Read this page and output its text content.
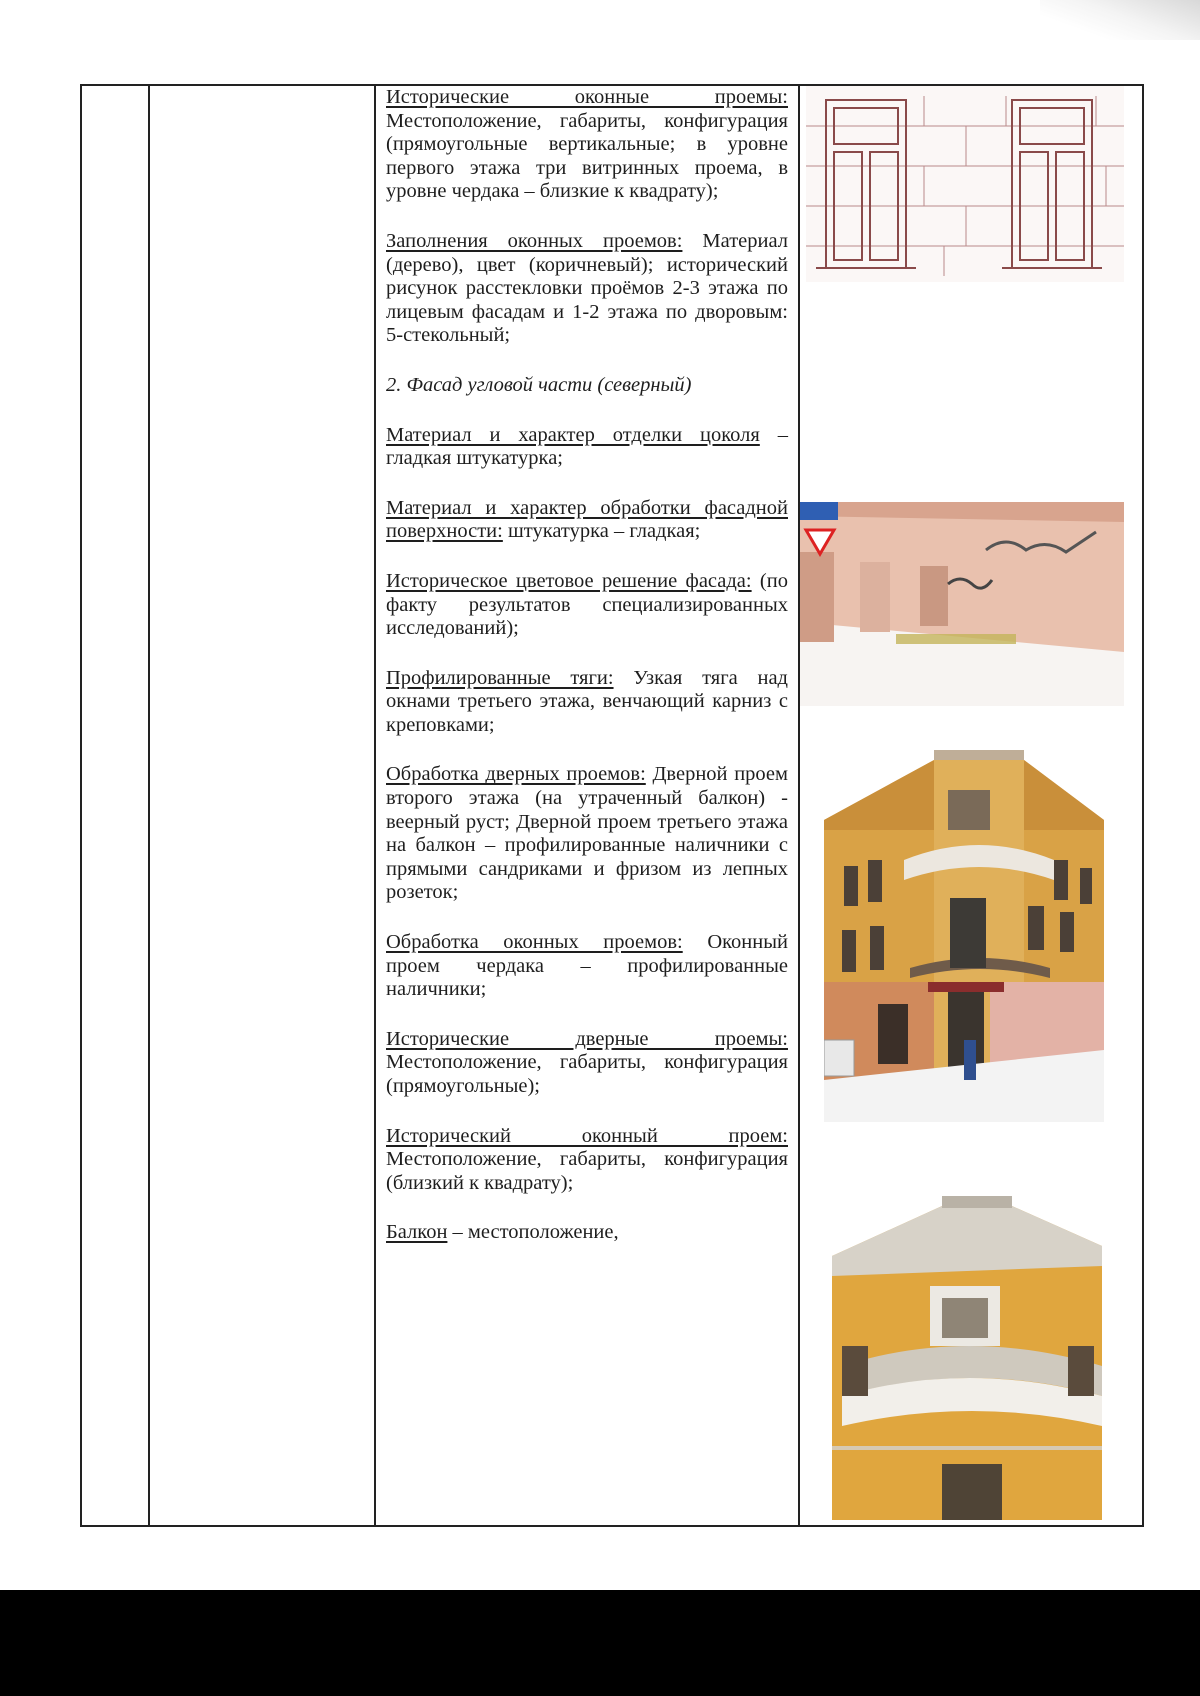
Исторические оконные проемы: Местоположение, габариты, конфигурация (прямоугольные вертикальные; в уровне первого этажа три витринных проема, в уровне чердака – близкие к квадрату);

Заполнения оконных проемов: Материал (дерево), цвет (коричневый); исторический рисунок расстекловки проёмов 2-3 этажа по лицевым фасадам и 1-2 этажа по дворовым: 5-стекольный;

2. Фасад угловой части (северный)

Материал и характер отделки цоколя – гладкая штукатурка;

Материал и характер обработки фасадной поверхности: штукатурка – гладкая;

Историческое цветовое решение фасада: (по факту результатов специализированных исследований);

Профилированные тяги: Узкая тяга над окнами третьего этажа, венчающий карниз с креповками;

Обработка дверных проемов: Дверной проем второго этажа (на утраченный балкон) - веерный руст; Дверной проем третьего этажа на балкон – профилированные наличники с прямыми сандриками и фризом из лепных розеток;

Обработка оконных проемов: Оконный проем чердака – профилированные наличники;

Исторические дверные проемы: Местоположение, габариты, конфигурация (прямоугольные);

Исторический оконный проем: Местоположение, габариты, конфигурация (близкий к квадрату);

Балкон – местоположение,
